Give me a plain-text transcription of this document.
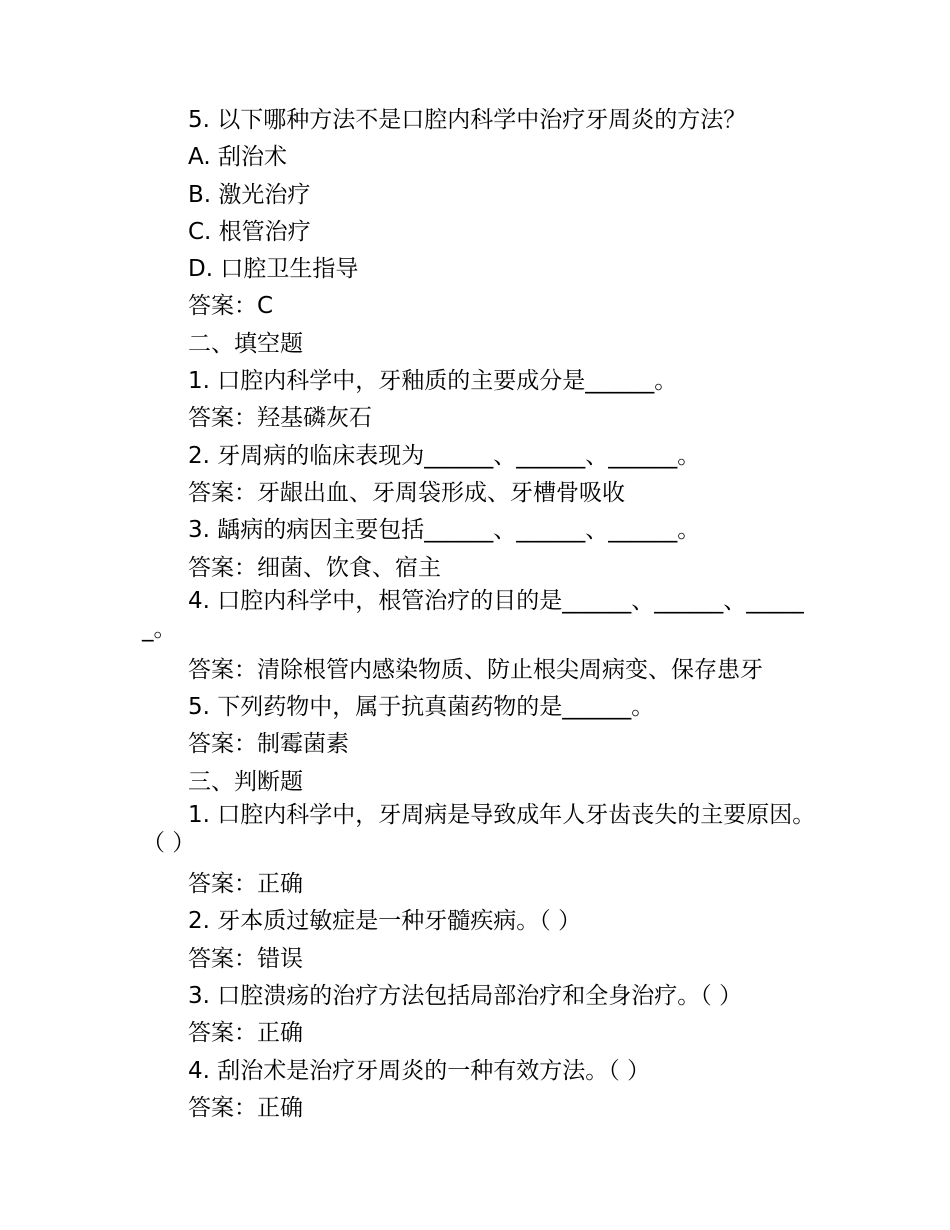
5. 以下哪种方法不是口腔内科学中治疗牙周炎的方法？
A. 刮治术
B. 激光治疗
C. 根管治疗
D. 口腔卫生指导
答案：C
二、填空题
1. 口腔内科学中，牙釉质的主要成分是______。
答案：羟基磷灰石
2. 牙周病的临床表现为______、______、______。
答案：牙龈出血、牙周袋形成、牙槽骨吸收
3. 龋病的病因主要包括______、______、______。
答案：细菌、饮食、宿主
4. 口腔内科学中，根管治疗的目的是______、______、______。
答案：清除根管内感染物质、防止根尖周病变、保存患牙
5. 下列药物中，属于抗真菌药物的是______。
答案：制霉菌素
三、判断题
1. 口腔内科学中，牙周病是导致成年人牙齿丧失的主要原因。（ ）
答案：正确
2. 牙本质过敏症是一种牙髓疾病。（ ）
答案：错误
3. 口腔溃疡的治疗方法包括局部治疗和全身治疗。（ ）
答案：正确
4. 刮治术是治疗牙周炎的一种有效方法。（ ）
答案：正确
